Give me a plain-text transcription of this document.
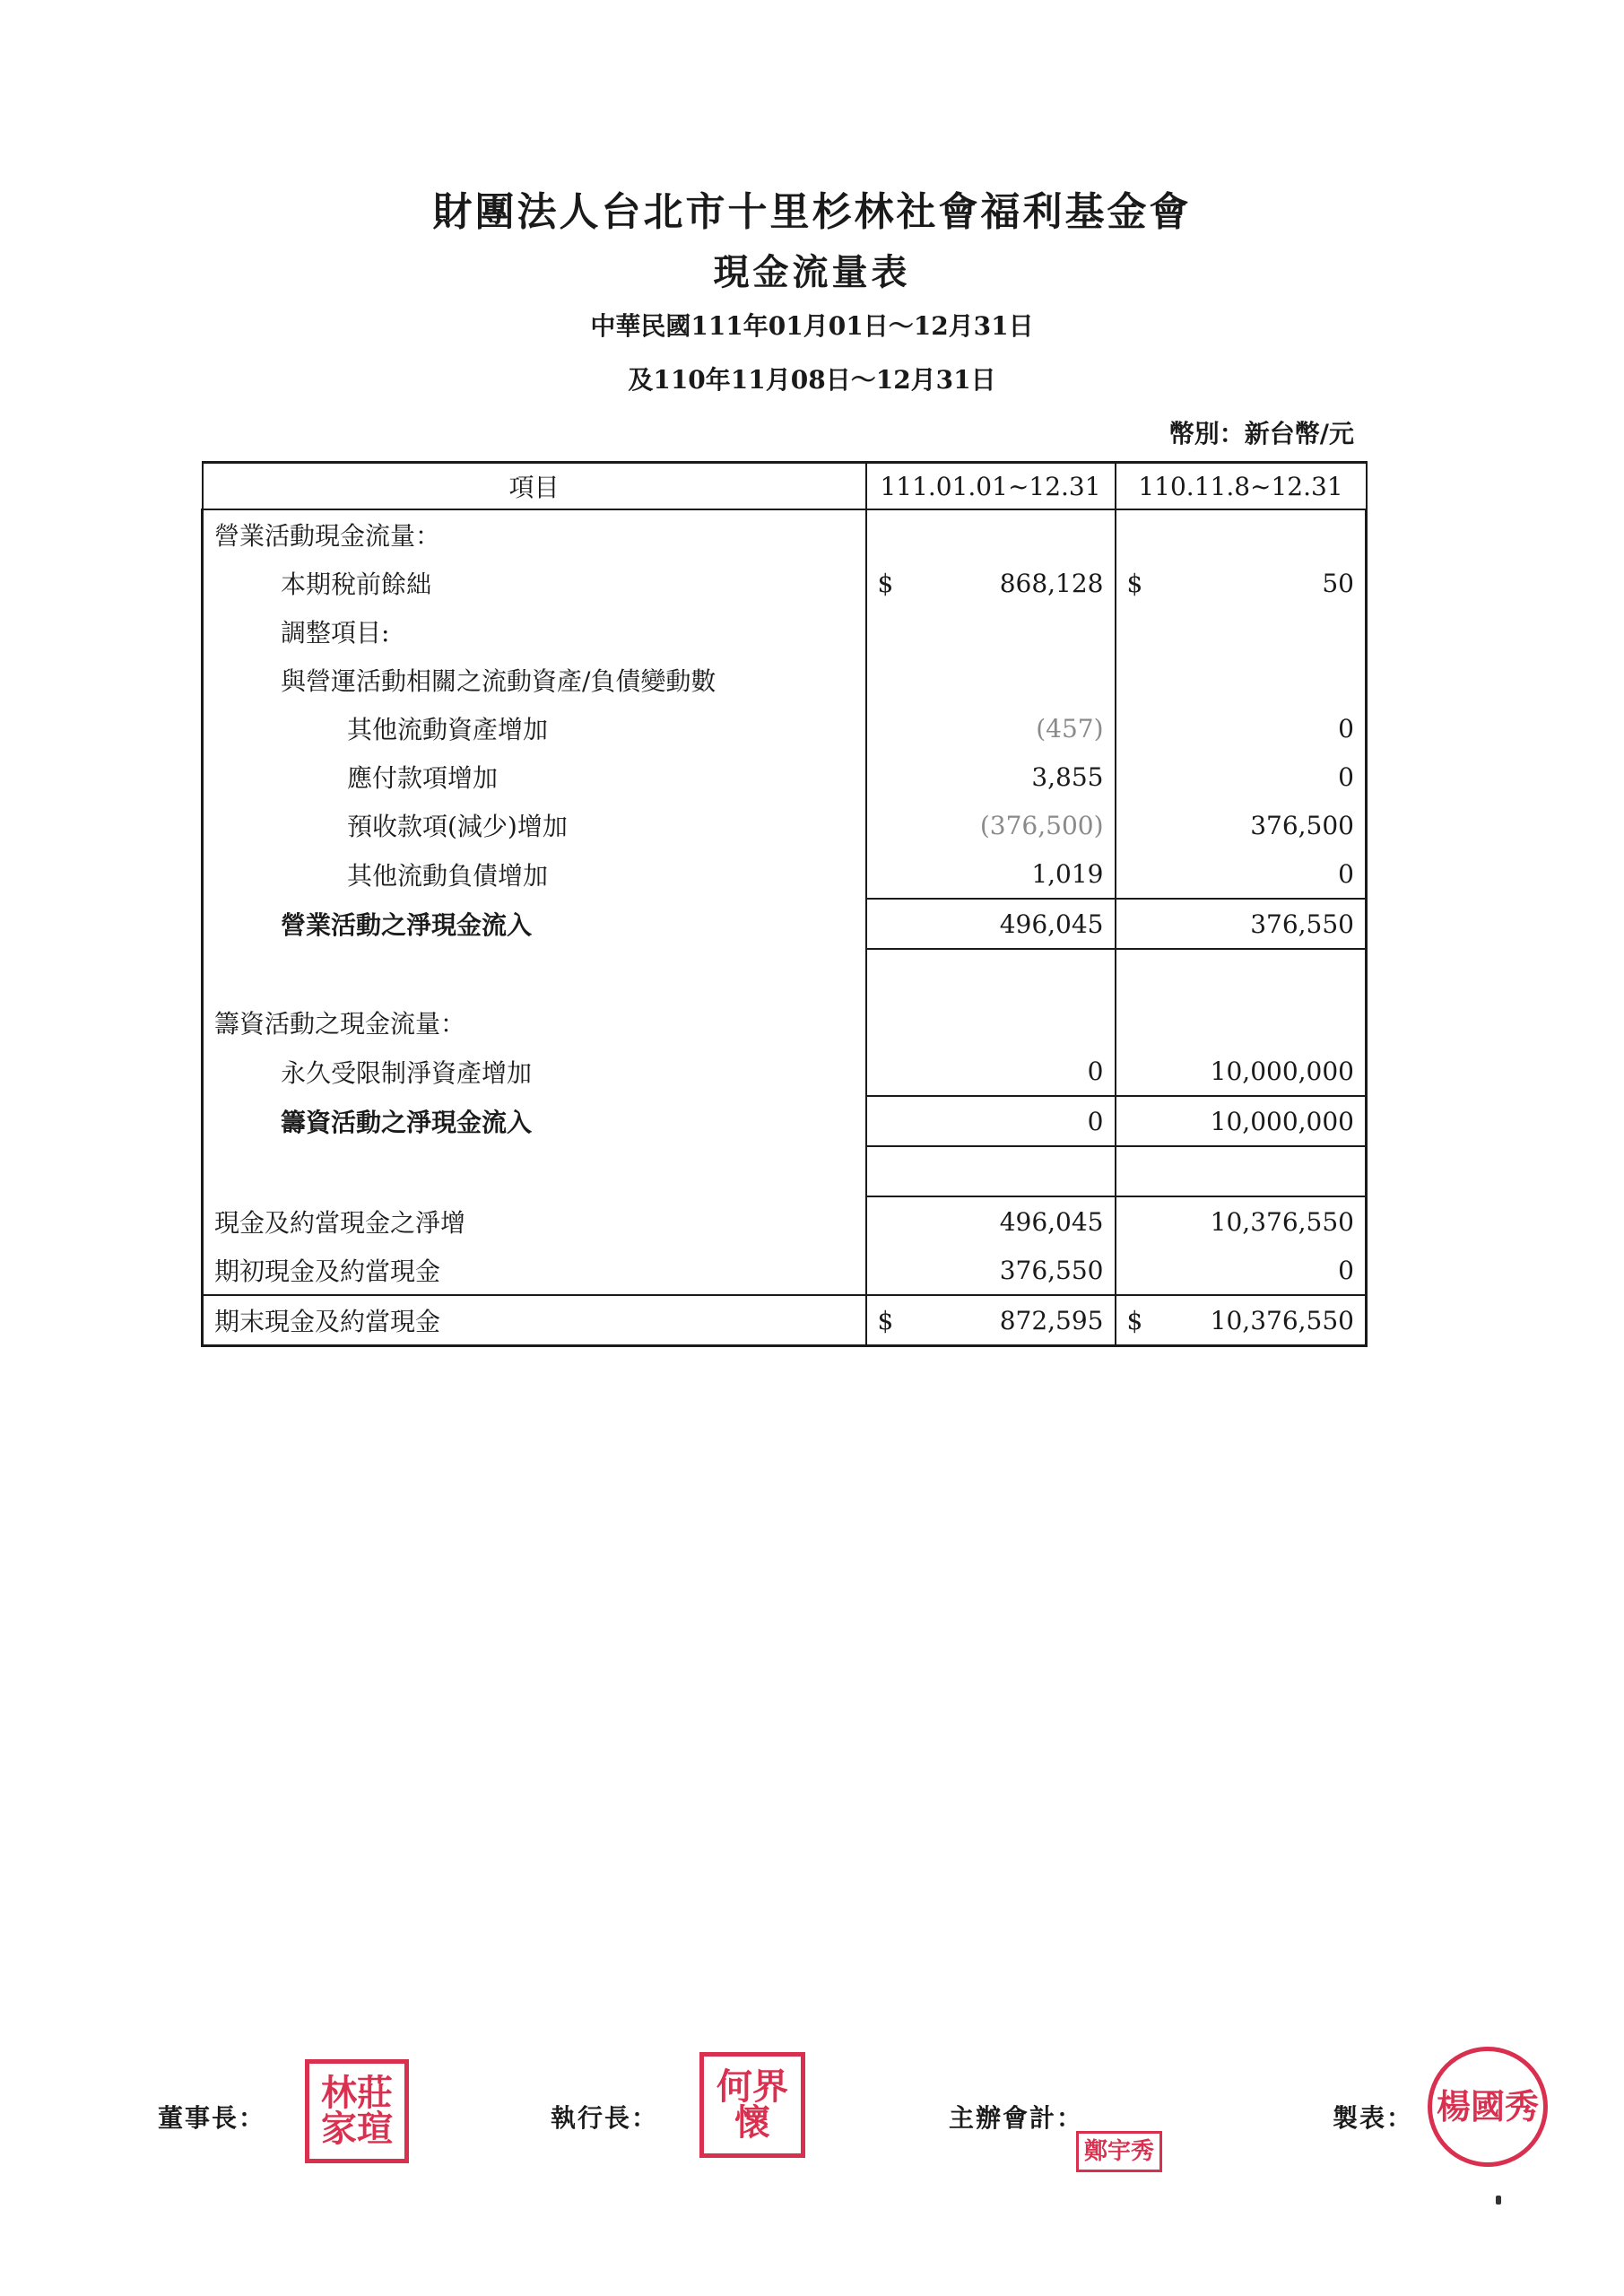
財團法人台北市十里杉林社會福利基金會
現金流量表
中華民國111年01月01日～12月31日
及110年11月08日～12月31日
幣別：新台幣/元
項目	111.01.01~12.31	110.11.8~12.31
營業活動現金流量：		
本期稅前餘絀	$ 868,128	$ 50
調整項目:		
與營運活動相關之流動資產/負債變動數		
其他流動資產增加	(457)	0
應付款項增加	3,855	0
預收款項(減少)增加	(376,500)	376,500
其他流動負債增加	1,019	0
營業活動之淨現金流入	496,045	376,550

籌資活動之現金流量：		
永久受限制淨資產增加	0	10,000,000
籌資活動之淨現金流入	0	10,000,000

現金及約當現金之淨增	496,045	10,376,550
期初現金及約當現金	376,550	0
期末現金及約當現金	$ 872,595	$ 10,376,550
董事長：	執行長：	主辦會計：	製表：
林莊家瑄
何界懷
鄭宇秀
楊國秀
